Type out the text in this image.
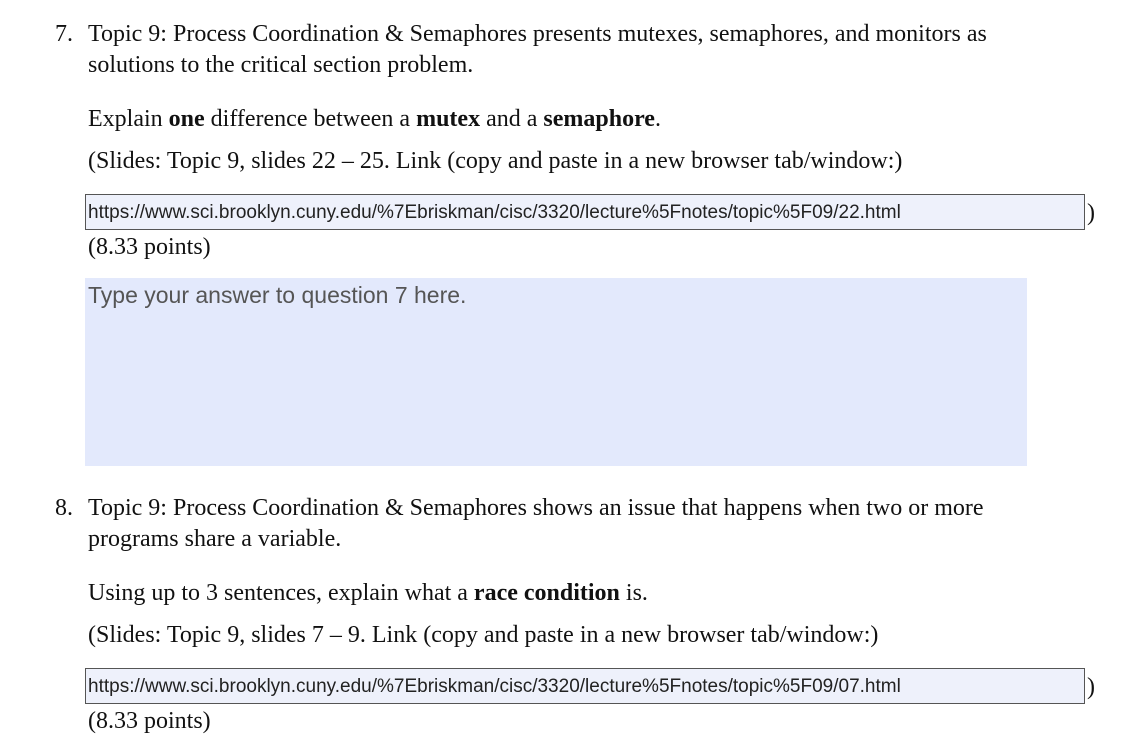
7. Topic 9: Process Coordination & Semaphores presents mutexes, semaphores, and monitors as solutions to the critical section problem.
Explain one difference between a mutex and a semaphore.
(Slides: Topic 9, slides 22 – 25. Link (copy and paste in a new browser tab/window:)
https://www.sci.brooklyn.cuny.edu/%7Ebriskman/cisc/3320/lecture%5Fnotes/topic%5F09/22.html	)
(8.33 points)
Type your answer to question 7 here.
8. Topic 9: Process Coordination & Semaphores shows an issue that happens when two or more programs share a variable.
Using up to 3 sentences, explain what a race condition is.
(Slides: Topic 9, slides 7 – 9. Link (copy and paste in a new browser tab/window:)
https://www.sci.brooklyn.cuny.edu/%7Ebriskman/cisc/3320/lecture%5Fnotes/topic%5F09/07.html	)
(8.33 points)
